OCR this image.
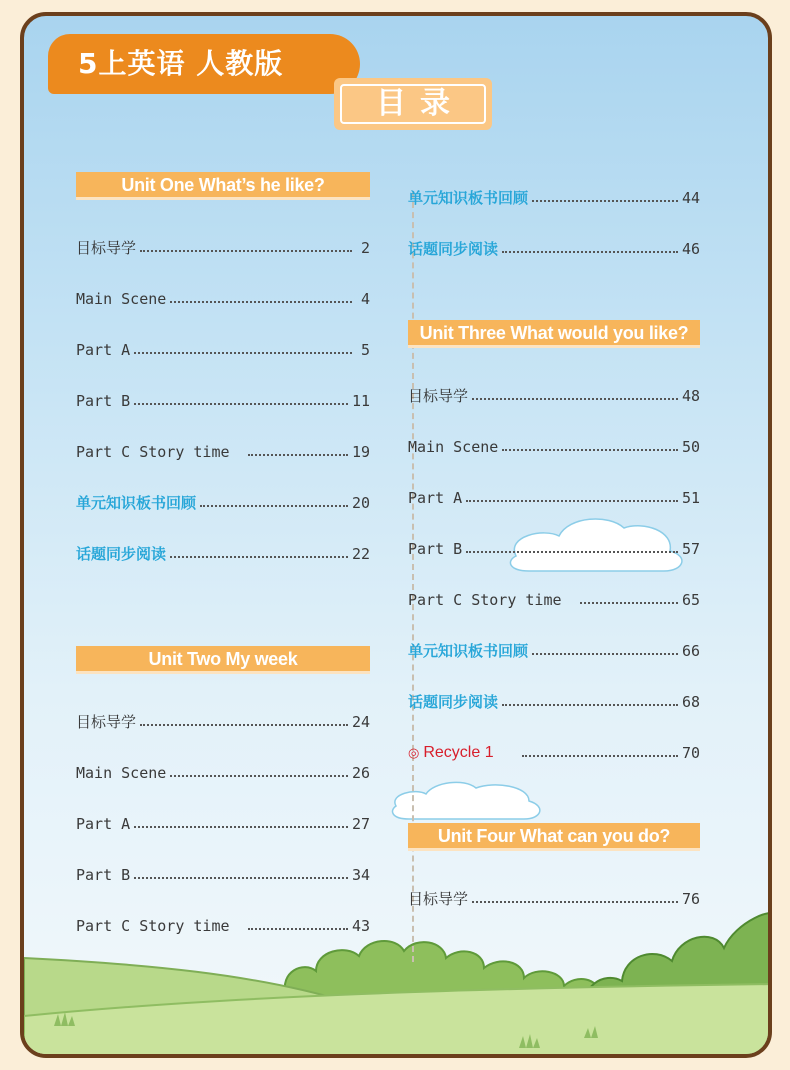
5上英语 人教版
目录
Unit One What’s he like?
目标导学	2
Main Scene	4
Part A	5
Part B	11
Part C Story time	19
单元知识板书回顾	20
话题同步阅读	22
Unit Two My week
目标导学	24
Main Scene	26
Part A	27
Part B	34
Part C Story time	43
单元知识板书回顾	44
话题同步阅读	46
Unit Three What would you like?
目标导学	48
Main Scene	50
Part A	51
Part B	57
Part C Story time	65
单元知识板书回顾	66
话题同步阅读	68
◎ Recycle 1	70
Unit Four What can you do?
目标导学	76
